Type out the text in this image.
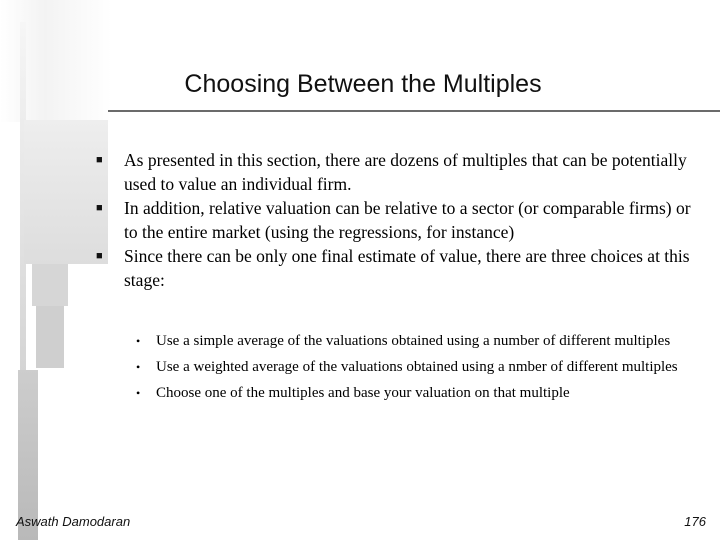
Choosing Between the Multiples
■	As presented in this section, there are dozens of multiples that can be potentially used to value an individual firm.
■	In addition, relative valuation can be relative to a sector (or comparable firms) or to the entire market (using the regressions, for instance)
■	Since there can be only one final estimate of value, there are three choices at this stage:
•	Use a simple average of the valuations obtained using a number of different multiples
•	Use a weighted average of the valuations obtained using a nmber of different multiples
•	Choose one of the multiples and base your valuation on that multiple
Aswath Damodaran	176
